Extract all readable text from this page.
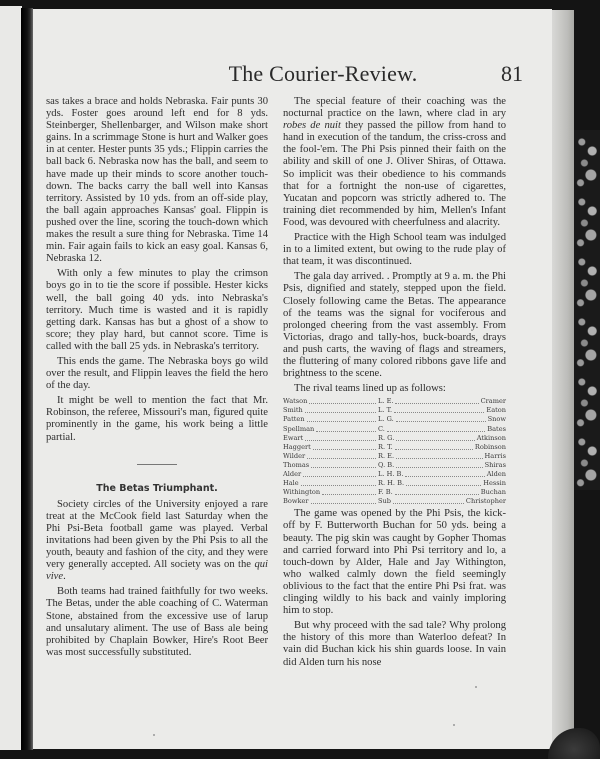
The Courier-Review.	81

sas takes a brace and holds Nebraska. Fair punts 30 yds. Foster goes around left end for 8 yds. Steinberger, Shellenbarger, and Wilson make short gains. In a scrimmage Stone is hurt and Walker goes in at center. Hester punts 35 yds.; Flippin carries the ball back 6. Nebraska now has the ball, and seem to have made up their minds to score another touch-down. The backs carry the ball well into Kansas territory. Assisted by 10 yds. from an off-side play, the ball again approaches Kansas' goal. Flippin is pushed over the line, scoring the touch-down which makes the result a sure thing for Nebraska. Time 14 min. Fair again fails to kick an easy goal. Kansas 6, Nebraska 12.

With only a few minutes to play the crimson boys go in to tie the score if possible. Hester kicks well, the ball going 40 yds. into Nebraska's territory. Much time is wasted and it is rapidly getting dark. Kansas has but a ghost of a show to score; they play hard, but cannot score. Time is called with the ball 25 yds. in Nebraska's territory.

This ends the game. The Nebraska boys go wild over the result, and Flippin leaves the field the hero of the day.

It might be well to mention the fact that Mr. Robinson, the referee, Missouri's man, figured quite prominently in the game, his work being a little partial.

The Betas Triumphant.

Society circles of the University enjoyed a rare treat at the McCook field last Saturday when the Phi Psi-Beta football game was played. Verbal invitations had been given by the Phi Psis to all the youth, beauty and fashion of the city, and they were very generally accepted. All society was on the qui vive.

Both teams had trained faithfully for two weeks. The Betas, under the able coaching of C. Waterman Stone, abstained from the excessive use of larup and unsalutary aliment. The use of Bass ale being prohibited by Chaplain Bowker, Hire's Root Beer was most successfully substituted.

The special feature of their coaching was the nocturnal practice on the lawn, where clad in ary robes de nuit they passed the pillow from hand to hand in execution of the tandum, the criss-cross and the fool-'em. The Phi Psis pinned their faith on the ability and skill of one J. Oliver Shiras, of Ottawa. So implicit was their obedience to his commands that for a fortnight the non-use of cigarettes, Yucatan and popcorn was strictly adhered to. The training diet recommended by him, Mellen's Infant Food, was devoured with cheerfulness and alacrity.

Practice with the High School team was indulged in to a limited extent, but owing to the rude play of that team, it was discontinued.

The gala day arrived. . Promptly at 9 a. m. the Phi Psis, dignified and stately, stepped upon the field. Closely following came the Betas. The appearance of the teams was the signal for vociferous and prolonged cheering from the vast assembly. From Victorias, drago and tally-hos, buck-boards, drays and push carts, the waving of flags and streamers, the fluttering of many colored ribbons gave life and brightness to the scene.

The rival teams lined up as follows:

Watson	L. E.	Cramer
Smith	L. T.	Eaton
Patten	L. G.	Snow
Spellman	C.	Bates
Ewart	R. G.	Atkinson
Haggert	R. T.	Robinson
Wilder	R. E.	Harris
Thomas	Q. B.	Shiras
Alder	L. H. B.	Alden
Hale	R. H. B.	Hessin
Withington	F. B.	Buchan
Bowker	Sub	Christopher

The game was opened by the Phi Psis, the kick-off by F. Butterworth Buchan for 50 yds. being a beauty. The pig skin was caught by Gopher Thomas and carried forward into Phi Psi territory and lo, a touch-down by Alder, Hale and Jay Withington, who walked calmly down the field seemingly oblivious to the fact that the entire Phi Psi frat. was clinging wildly to his back and vainly imploring him to stop.

But why proceed with the sad tale? Why prolong the history of this more than Waterloo defeat? In vain did Buchan kick his shin guards loose. In vain did Alden turn his nose
